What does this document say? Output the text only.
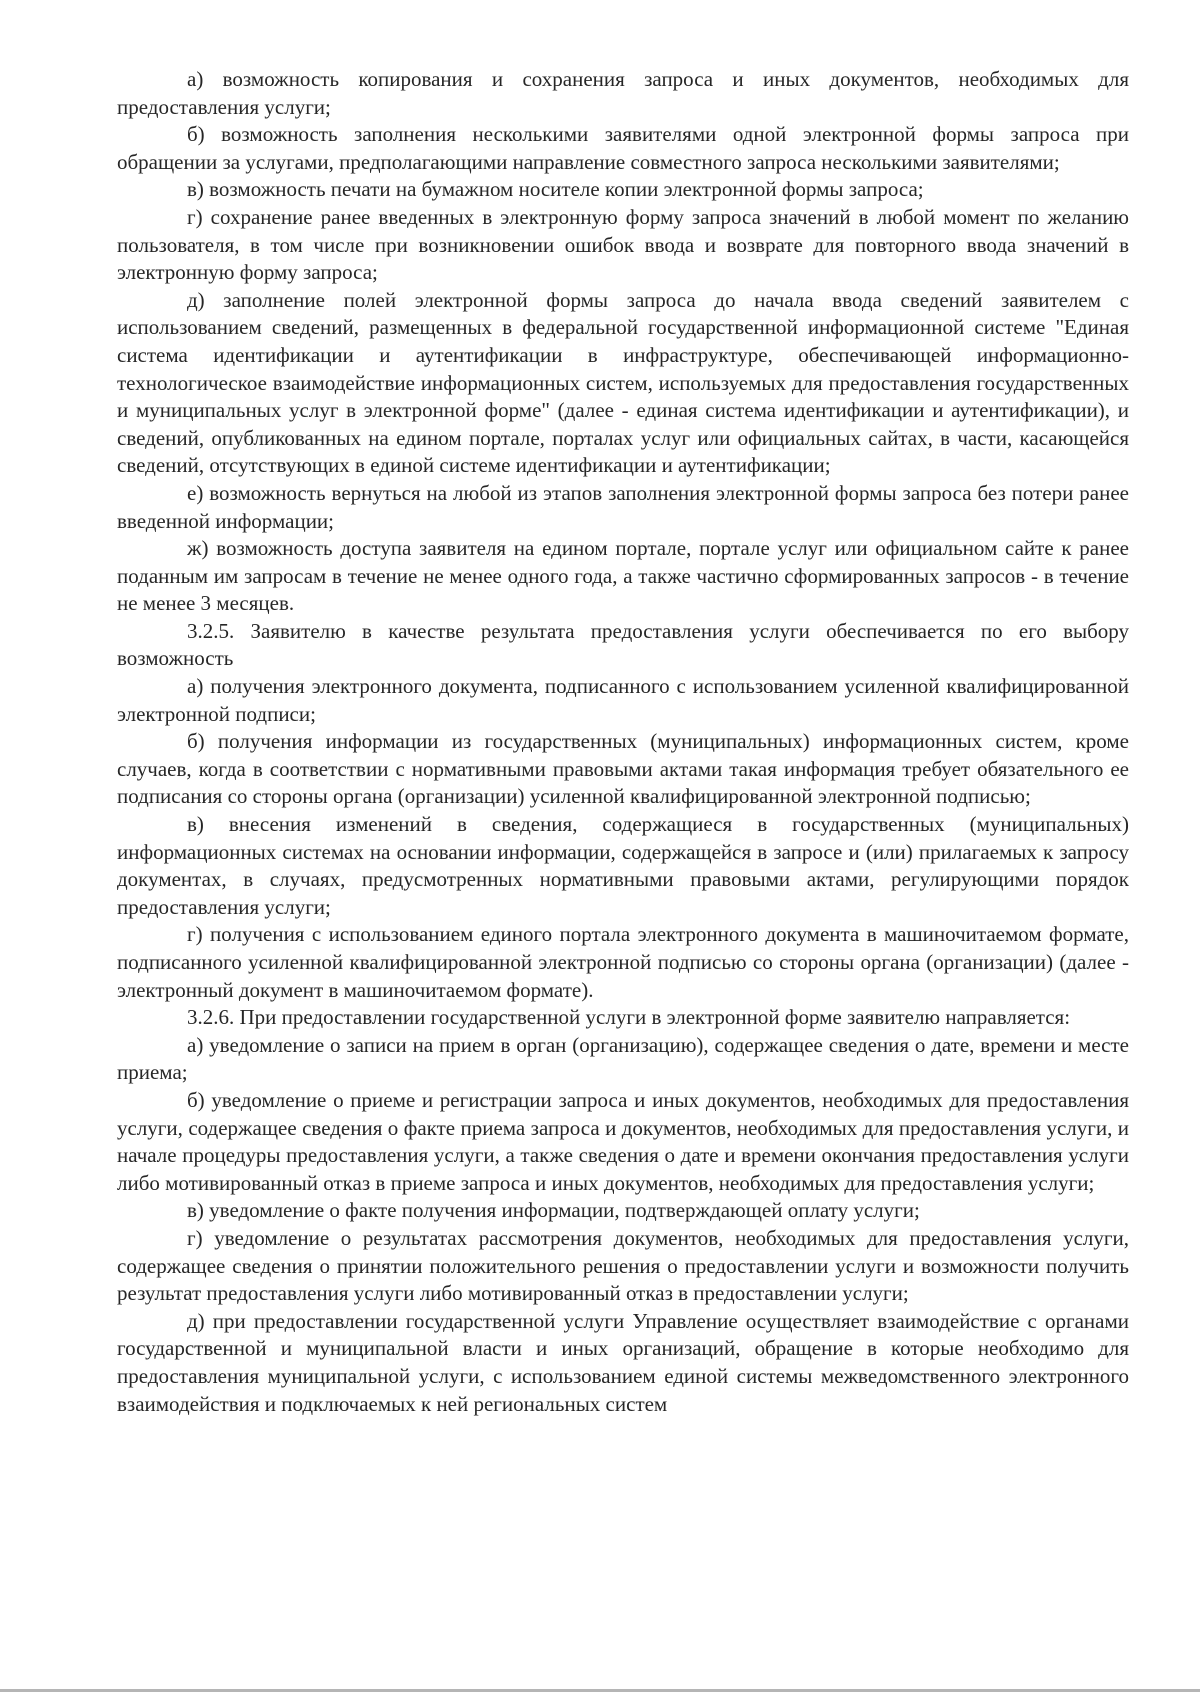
а) возможность копирования и сохранения запроса и иных документов, необходимых для предоставления услуги;

б) возможность заполнения несколькими заявителями одной электронной формы запроса при обращении за услугами, предполагающими направление совместного запроса несколькими заявителями;

в) возможность печати на бумажном носителе копии электронной формы запроса;

г) сохранение ранее введенных в электронную форму запроса значений в любой момент по желанию пользователя, в том числе при возникновении ошибок ввода и возврате для повторного ввода значений в электронную форму запроса;

д) заполнение полей электронной формы запроса до начала ввода сведений заявителем с использованием сведений, размещенных в федеральной государственной информационной системе "Единая система идентификации и аутентификации в инфраструктуре, обеспечивающей информационно-технологическое взаимодействие информационных систем, используемых для предоставления государственных и муниципальных услуг в электронной форме" (далее - единая система идентификации и аутентификации), и сведений, опубликованных на едином портале, порталах услуг или официальных сайтах, в части, касающейся сведений, отсутствующих в единой системе идентификации и аутентификации;

е) возможность вернуться на любой из этапов заполнения электронной формы запроса без потери ранее введенной информации;

ж) возможность доступа заявителя на едином портале, портале услуг или официальном сайте к ранее поданным им запросам в течение не менее одного года, а также частично сформированных запросов - в течение не менее 3 месяцев.

3.2.5. Заявителю в качестве результата предоставления услуги обеспечивается по его выбору возможность

а) получения электронного документа, подписанного с использованием усиленной квалифицированной электронной подписи;

б) получения информации из государственных (муниципальных) информационных систем, кроме случаев, когда в соответствии с нормативными правовыми актами такая информация требует обязательного ее подписания со стороны органа (организации) усиленной квалифицированной электронной подписью;

в) внесения изменений в сведения, содержащиеся в государственных (муниципальных) информационных системах на основании информации, содержащейся в запросе и (или) прилагаемых к запросу документах, в случаях, предусмотренных нормативными правовыми актами, регулирующими порядок предоставления услуги;

г) получения с использованием единого портала электронного документа в машиночитаемом формате, подписанного усиленной квалифицированной электронной подписью со стороны органа (организации) (далее - электронный документ в машиночитаемом формате).

3.2.6. При предоставлении государственной услуги в электронной форме заявителю направляется:

а) уведомление о записи на прием в орган (организацию), содержащее сведения о дате, времени и месте приема;

б) уведомление о приеме и регистрации запроса и иных документов, необходимых для предоставления услуги, содержащее сведения о факте приема запроса и документов, необходимых для предоставления услуги, и начале процедуры предоставления услуги, а также сведения о дате и времени окончания предоставления услуги либо мотивированный отказ в приеме запроса и иных документов, необходимых для предоставления услуги;

в) уведомление о факте получения информации, подтверждающей оплату услуги;

г) уведомление о результатах рассмотрения документов, необходимых для предоставления услуги, содержащее сведения о принятии положительного решения о предоставлении услуги и возможности получить результат предоставления услуги либо мотивированный отказ в предоставлении услуги;

д) при предоставлении государственной услуги Управление осуществляет взаимодействие с органами государственной и муниципальной власти и иных организаций, обращение в которые необходимо для предоставления муниципальной услуги, с использованием единой системы межведомственного электронного взаимодействия и подключаемых к ней региональных систем
